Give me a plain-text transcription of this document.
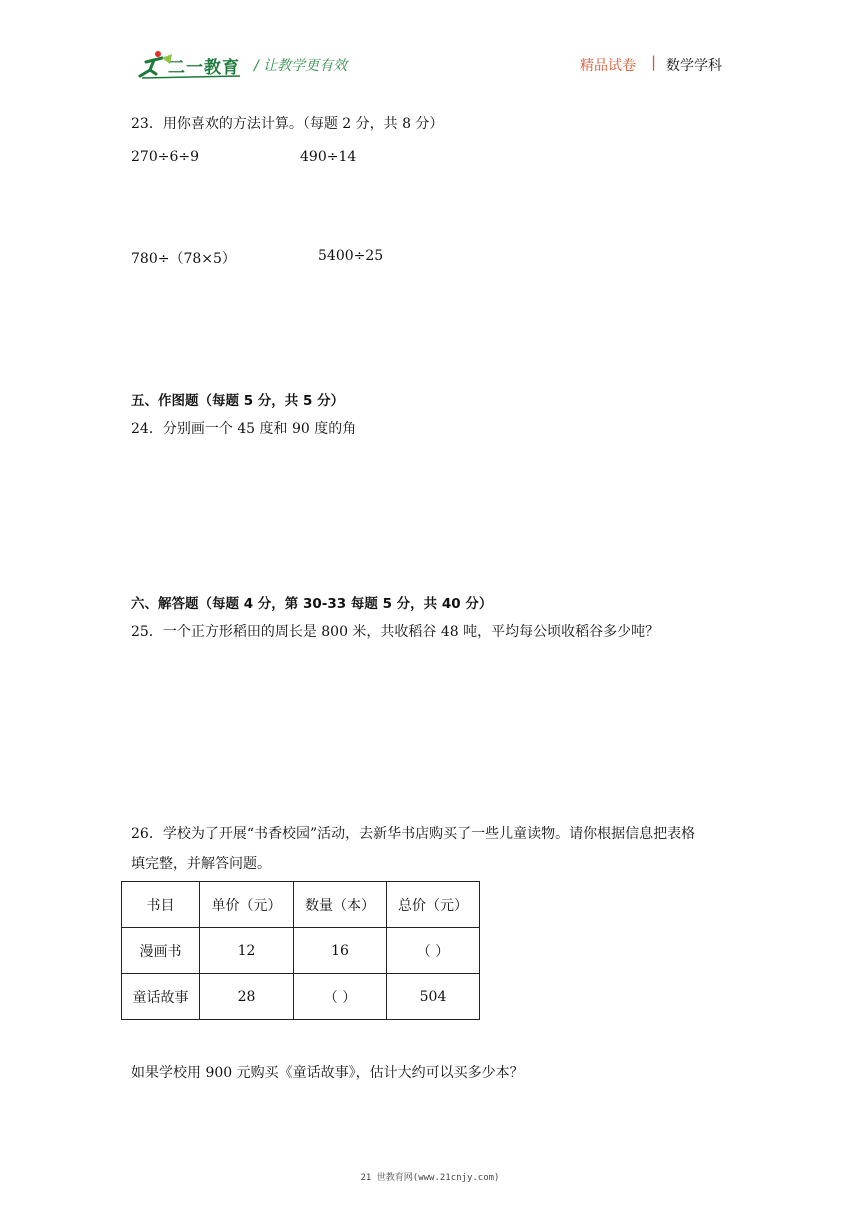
二一教育 / 让教学更有效	精品试卷 | 数学学科
23．用你喜欢的方法计算。（每题 2 分，共 8 分）
270÷6÷9	490÷14
780÷（78×5）	5400÷25
五、作图题（每题 5 分，共 5 分）
24．分别画一个 45 度和 90 度的角
六、解答题（每题 4 分，第 30-33 每题 5 分，共 40 分）
25．一个正方形稻田的周长是 800 米，共收稻谷 48 吨，平均每公顷收稻谷多少吨？
26．学校为了开展“书香校园”活动，去新华书店购买了一些儿童读物。请你根据信息把表格
填完整，并解答问题。
书目	单价（元）	数量（本）	总价（元）
漫画书	12	16	（ ）
童话故事	28	（ ）	504
如果学校用 900 元购买《童话故事》，估计大约可以买多少本？
21 世教育网(www.21cnjy.com)
